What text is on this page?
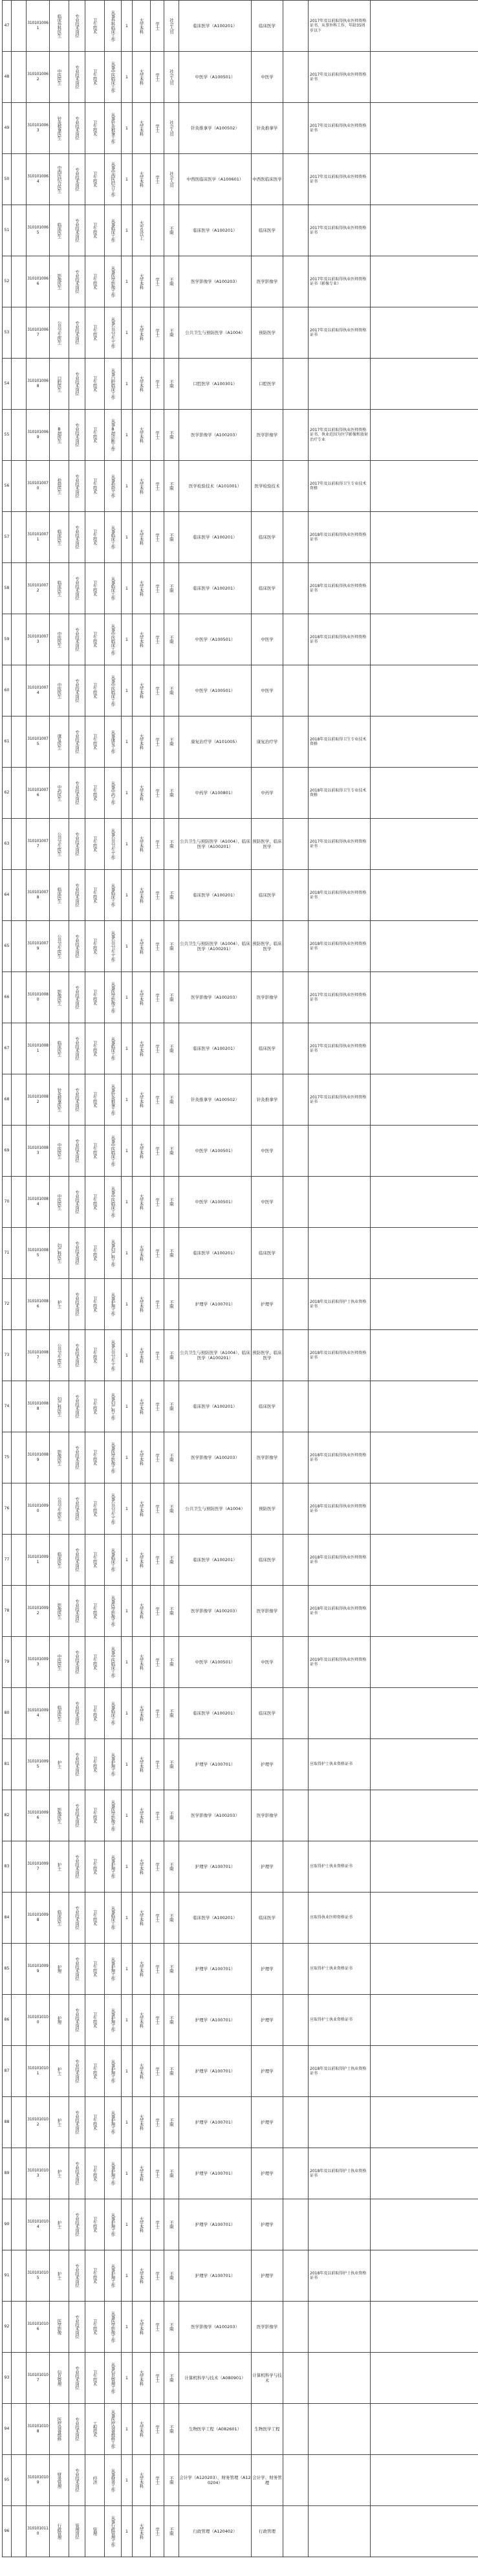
47		3101010061	临床外科医生	专业技术岗位	卫生技术	从事外科临床工作	1	大学本科	学士	社会人员	临床医学（A100201）	临床医学		2017年及以前取得执业医师资格证书，从事外科工作，年龄35周岁以下	
48		3101010062	中医医生	专业技术岗位	卫生技术	从事中医临床工作	1	大学本科	学士	社会人员	中医学（A100501）	中医学		2017年及以前取得执业医师资格证书	
49		3101010063	针灸推拿医生	专业技术岗位	卫生技术	从事针灸推拿工作	1	大学本科	学士	社会人员	针灸推拿学（A100502）	针灸推拿学		2017年及以前取得执业医师资格证书	
50		3101010064	中西医结合医生	专业技术岗位	卫生技术	从事中西医结合工作	1	大学本科	学士	社会人员	中西医临床医学（A100601）	中西医临床医学		2017年及以前取得执业医师资格证书	
51		3101010065	临床医生	专业技术岗位	卫生技术	从事临床工作	1	大专及以上		不限	临床医学（A100201）	临床医学		2017年及以前取得执业医师资格证书	
52		3101010066	影像医生	专业技术岗位	卫生技术	从事医学影像工作	1	大学本科	学士	不限	医学影像学（A100203）	医学影像学		2017年及以前取得执业医师资格证书（影像专业）	
53		3101010067	公共卫生医生	专业技术岗位	卫生技术	从事公共卫生工作	1	大学本科	学士	不限	公共卫生与预防医学（A1004）	预防医学		2017年及以前取得执业医师资格证书	
54		3101010068	口腔医生	专业技术岗位	卫生技术	从事口腔临床工作	1	大学本科	学士	不限	口腔医学（A100301）	口腔医学			
55		3101010069	B超医生	专业技术岗位	卫生技术	从事B超诊断工作	1	大学本科	学士	不限	医学影像学（A100203）	医学影像学		2017年及以前取得执业医师资格证书，执业范围为医学影像和放射治疗专业	
56		3101010070	检验医生	专业技术岗位	卫生技术	从事检验工作	1	大学本科	学士	不限	医学检验技术（A101001）	医学检验技术		2017年及以前取得卫生专业技术资格	
57		3101010071	临床医生	专业技术岗位	卫生技术	从事临床工作	1	大学本科	学士	不限	临床医学（A100201）	临床医学		2018年及以前取得执业医师资格证书	
58		3101010072	临床医生	专业技术岗位	卫生技术	从事临床工作	1	大学本科	学士	不限	临床医学（A100201）	临床医学		2018年及以前取得执业医师资格证书	
59		3101010073	中医医生	专业技术岗位	卫生技术	从事中医临床工作	1	大学本科	学士	不限	中医学（A100501）	中医学		2018年及以前取得执业医师资格证书	
60		3101010074	中医医生	专业技术岗位	卫生技术	从事中医临床工作	1	大学本科	学士	不限	中医学（A100501）	中医学			
61		3101010075	康复医生	专业技术岗位	卫生技术	从事康复工作	1	大学本科	学士	不限	康复治疗学（A101005）	康复治疗学		2018年及以前取得卫生专业技术资格	
62		3101010076	中药医生	专业技术岗位	卫生技术	从事中药工作	1	大学本科	学士	不限	中药学（A100801）	中药学		2018年及以前取得卫生专业技术资格	
63		3101010077	公共卫生医生	专业技术岗位	卫生技术	从事公共卫生工作	1	大学本科	学士	不限	公共卫生与预防医学（A1004）、临床医学（A100201）	预防医学、临床医学		2017年及以前取得执业医师资格证书	
64		3101010078	临床医生	专业技术岗位	卫生技术	从事临床工作	1	大学本科	学士	不限	临床医学（A100201）	临床医学		2018年及以前取得执业医师资格证书	
65		3101010079	公共卫生医生	专业技术岗位	卫生技术	从事公共卫生工作	1	大学本科	学士	不限	公共卫生与预防医学（A1004）、临床医学（A100201）	预防医学、临床医学		2018年及以前取得执业医师资格证书	
66		3101010080	影像医生	专业技术岗位	卫生技术	从事医学影像工作	1	大学本科	学士	不限	医学影像学（A100203）	医学影像学		2017年及以前取得执业医师资格证书	
67		3101010081	临床医生	专业技术岗位	卫生技术	从事临床工作	1	大学本科	学士	不限	临床医学（A100201）	临床医学		2017年及以前取得执业医师资格证书	
68		3101010082	针灸推拿医生	专业技术岗位	卫生技术	从事针灸推拿工作	1	大学本科	学士	不限	针灸推拿学（A100502）	针灸推拿学		2017年及以前取得执业医师资格证书	
69		3101010083	中医医生	专业技术岗位	卫生技术	从事中医临床工作	1	大学本科	学士	不限	中医学（A100501）	中医学			
70		3101010084	中医医生	专业技术岗位	卫生技术	从事中医临床工作	1	大学本科	学士	不限	中医学（A100501）	中医学			
71		3101010085	妇产科医生	专业技术岗位	卫生技术	从事妇产科工作	1	大学本科	学士	不限	临床医学（A100201）	临床医学			
72		3101010086	护士	专业技术岗位	卫生技术	从事护理工作	1	大学本科	学士	不限	护理学（A100701）	护理学		2018年及以前取得护士执业资格证书	
73		3101010087	公共卫生医生	专业技术岗位	卫生技术	从事公共卫生工作	1	大学本科	学士	不限	公共卫生与预防医学（A1004）、临床医学（A100201）	预防医学、临床医学		2018年及以前取得执业医师资格证书	
74		3101010088	妇产科医生	专业技术岗位	卫生技术	从事妇产科工作	1	大学本科	学士	不限	临床医学（A100201）	临床医学			
75		3101010089	影像医生	专业技术岗位	卫生技术	从事医学影像工作	1	大学本科	学士	不限	医学影像学（A100203）	医学影像学		2018年及以前取得执业医师资格证书	
76		3101010090	公共卫生医生	专业技术岗位	卫生技术	从事公共卫生工作	1	大学本科	学士	不限	公共卫生与预防医学（A1004）	预防医学		2018年及以前取得执业医师资格证书	
77		3101010091	临床医生	专业技术岗位	卫生技术	从事临床工作	1	大学本科	学士	不限	临床医学（A100201）	临床医学		2018年及以前取得执业医师资格证书	
78		3101010092	影像医生	专业技术岗位	卫生技术	从事医学影像工作	1	大学本科	学士	不限	医学影像学（A100203）	医学影像学		2018年及以前取得执业医师资格证书	
79		3101010093	中医医生	专业技术岗位	卫生技术	从事中医临床工作	1	大学本科	学士	不限	中医学（A100501）	中医学		2019年及以前取得执业医师资格证书	
80		3101010094	临床医生	专业技术岗位	卫生技术	从事临床工作	1	大学本科	学士	不限	临床医学（A100201）	临床医学			
81		3101010095	护士	专业技术岗位	卫生技术	从事护理工作	1	大学本科	学士	不限	护理学（A100701）	护理学		应取得护士执业资格证书	
82		3101010096	影像医生	专业技术岗位	卫生技术	从事医学影像工作	1	大学本科	学士	不限	医学影像学（A100203）	医学影像学			
83		3101010097	护士	专业技术岗位	卫生技术	从事护理工作	1	大学本科	学士	不限	护理学（A100701）	护理学		应取得护士执业资格证书	
84		3101010098	临床医生	专业技术岗位	卫生技术	从事临床工作	1	大学本科	学士	不限	临床医学（A100201）	临床医学		应取得执业医师资格证书	
85		3101010099	护理	专业技术岗位	卫生技术	从事护理工作	1	大学本科	学士	不限	护理学（A100701）	护理学		应取得护士执业资格证书	
86		3101010100	护理	专业技术岗位	卫生技术	从事护理工作	1	大学本科	学士	不限	护理学（A100701）	护理学		应取得护士执业资格证书	
87		3101010101	护士	专业技术岗位	卫生技术	从事护理工作	1	大学本科	学士	不限	护理学（A100701）	护理学		2018年及以前取得护士执业资格证书	
88		3101010102	护士	专业技术岗位	卫生技术	从事护理工作	1	大学本科	学士	不限	护理学（A100701）	护理学			
89		3101010103	护士	专业技术岗位	卫生技术	从事护理工作	1	大学本科	学士	不限	护理学（A100701）	护理学		2018年及以前取得护士执业资格证书	
90		3101010104	护士	专业技术岗位	卫生技术	从事护理工作	1	大学本科	学士	不限	护理学（A100701）	护理学			
91		3101010105	护士	专业技术岗位	卫生技术	从事护理工作	1	大学本科	学士	不限	护理学（A100701）	护理学		2018年及以前取得护士执业资格证书	
92		3101010106	医学影像	专业技术岗位	卫生技术	从事医学影像工作	1	大学本科	学士	不限	医学影像学（A100203）	医学影像学			
93		3101010107	信息管理	专业技术岗位	卫生技术	从事信息管理工作	1	大学本科	学士	不限	计算机科学与技术（A080901）	计算机科学与技术			
94		3101010108	医疗设备维修	专业技术岗位	工程技术	从事医疗设备维修工作	1	大学本科	学士	不限	生物医学工程（A082601）	生物医学工程			
95		3101010109	财务管理	专业技术岗位	经济	从事财务工作	1	大学本科	学士	不限	会计学（A120203）、财务管理（A120204）	会计学、财务管理			
96		3101010110	行政管理	管理岗位	管理	从事行政管理工作	1	大学本科	学士	不限	行政管理（A120402）	行政管理			
